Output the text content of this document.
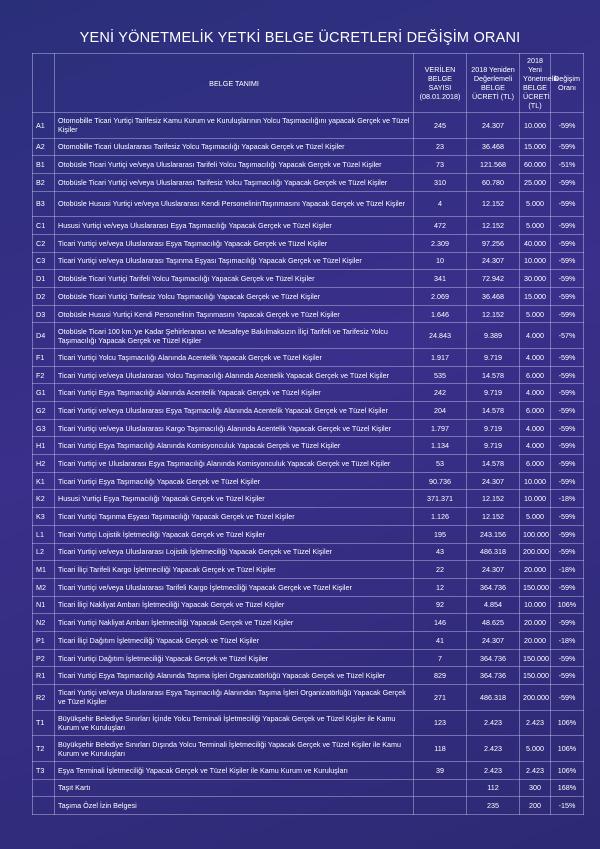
YENİ YÖNETMELİK YETKİ BELGE ÜCRETLERİ DEĞİŞİM ORANI
	BELGE TANIMI	VERİLEN BELGE SAYISI (08.01.2018)	2018 Yeniden Değerlemeli BELGE ÜCRETİ (TL)	2018 Yeni Yönetmelik BELGE ÜCRETİ (TL)	Değişim Oranı
A1	Otomobille Ticari Yurtiçi Tarifesiz Kamu Kurum ve Kuruluşlarının Yolcu Taşımacılığını yapacak Gerçek ve Tüzel Kişiler	245	24.307	10.000	-59%
A2	Otomobille Ticari Uluslararası Tarifesiz Yolcu Taşımacılığı Yapacak Gerçek ve Tüzel Kişiler	23	36.468	15.000	-59%
B1	Otobüsle Ticari Yurtiçi ve/veya Uluslararası Tarifeli Yolcu Taşımacılığı Yapacak Gerçek ve Tüzel Kişiler	73	121.568	60.000	-51%
B2	Otobüsle Ticari Yurtiçi ve/veya Uluslararası Tarifesiz Yolcu Taşımacılığı Yapacak Gerçek ve Tüzel Kişiler	310	60.780	25.000	-59%
B3	Otobüsle Hususi Yurtiçi ve/veya Uluslararası Kendi PersonelininTaşınmasını Yapacak Gerçek ve Tüzel Kişiler	4	12.152	5.000	-59%
C1	Hususi Yurtiçi ve/veya Uluslararası Eşya Taşımacılığı Yapacak Gerçek ve Tüzel Kişiler	472	12.152	5.000	-59%
C2	Ticari Yurtiçi ve/veya Uluslararası Eşya Taşımacılığı Yapacak Gerçek ve Tüzel Kişiler	2.309	97.256	40.000	-59%
C3	Ticari Yurtiçi ve/veya Uluslararası Taşınma Eşyası Taşımacılığı Yapacak Gerçek ve Tüzel Kişiler	10	24.307	10.000	-59%
D1	Otobüsle Ticari Yurtiçi Tarifeli Yolcu Taşımacılığı Yapacak Gerçek ve Tüzel Kişiler	341	72.942	30.000	-59%
D2	Otobüsle Ticari Yurtiçi Tarifesiz Yolcu Taşımacılığı Yapacak Gerçek ve Tüzel Kişiler	2.069	36.468	15.000	-59%
D3	Otobüsle Hususi Yurtiçi Kendi Personelinin Taşınmasını Yapacak Gerçek ve Tüzel Kişiler	1.646	12.152	5.000	-59%
D4	Otobüsle Ticari 100 km.'ye Kadar Şehirlerarası ve Mesafeye Bakılmaksızın İliçi Tarifeli ve Tarifesiz Yolcu Taşımacılığı Yapacak Gerçek ve Tüzel Kişiler	24.843	9.389	4.000	-57%
F1	Ticari Yurtiçi Yolcu Taşımacılığı Alanında Acentelik Yapacak Gerçek ve Tüzel Kişiler	1.917	9.719	4.000	-59%
F2	Ticari Yurtiçi ve/veya Uluslararası Yolcu Taşımacılığı Alanında Acentelik Yapacak Gerçek ve Tüzel Kişiler	535	14.578	6.000	-59%
G1	Ticari Yurtiçi Eşya Taşımacılığı Alanında Acentelik Yapacak Gerçek ve Tüzel Kişiler	242	9.719	4.000	-59%
G2	Ticari Yurtiçi ve/veya Uluslararası Eşya Taşımacılığı Alanında Acentelik Yapacak Gerçek ve Tüzel Kişiler	204	14.578	6.000	-59%
G3	Ticari Yurtiçi ve/veya Uluslararası Kargo Taşımacılığı Alanında Acentelik Yapacak Gerçek ve Tüzel Kişiler	1.797	9.719	4.000	-59%
H1	Ticari Yurtiçi Eşya Taşımacılığı Alanında Komisyonculuk Yapacak Gerçek ve Tüzel Kişiler	1.134	9.719	4.000	-59%
H2	Ticari Yurtiçi ve Uluslararası Eşya Taşımacılığı Alanında Komisyonculuk Yapacak Gerçek ve Tüzel Kişiler	53	14.578	6.000	-59%
K1	Ticari Yurtiçi Eşya Taşımacılığı Yapacak Gerçek ve Tüzel Kişiler	90.736	24.307	10.000	-59%
K2	Hususi Yurtiçi Eşya Taşımacılığı Yapacak Gerçek ve Tüzel Kişiler	371.371	12.152	10.000	-18%
K3	Ticari Yurtiçi Taşınma Eşyası Taşımacılığı Yapacak Gerçek ve Tüzel Kişiler	1.126	12.152	5.000	-59%
L1	Ticari Yurtiçi Lojistik İşletmeciliği Yapacak Gerçek ve Tüzel Kişiler	195	243.156	100.000	-59%
L2	Ticari Yurtiçi ve/veya Uluslararası Lojistik İşletmeciliği Yapacak Gerçek ve Tüzel Kişiler	43	486.318	200.000	-59%
M1	Ticari İliçi Tarifeli Kargo İşletmeciliği Yapacak Gerçek ve Tüzel Kişiler	22	24.307	20.000	-18%
M2	Ticari Yurtiçi ve/veya Uluslararası Tarifeli Kargo İşletmeciliği Yapacak Gerçek ve Tüzel Kişiler	12	364.736	150.000	-59%
N1	Ticari İliçi Nakliyat Ambarı İşletmeciliği Yapacak Gerçek ve Tüzel Kişiler	92	4.854	10.000	106%
N2	Ticari Yurtiçi Nakliyat Ambarı İşletmeciliği Yapacak Gerçek ve Tüzel Kişiler	146	48.625	20.000	-59%
P1	Ticari İliçi Dağıtım İşletmeciliği Yapacak Gerçek ve Tüzel Kişiler	41	24.307	20.000	-18%
P2	Ticari Yurtiçi Dağıtım İşletmeciliği Yapacak Gerçek ve Tüzel Kişiler	7	364.736	150.000	-59%
R1	Ticari Yurtiçi Eşya Taşımacılığı Alanında Taşıma İşleri Organizatörlüğü Yapacak Gerçek ve Tüzel Kişiler	829	364.736	150.000	-59%
R2	Ticari Yurtiçi ve/veya Uluslararası Eşya Taşımacılığı Alanından Taşıma İşleri Organizatörlüğü Yapacak Gerçek ve Tüzel Kişiler	271	486.318	200.000	-59%
T1	Büyükşehir Belediye Sınırları İçinde Yolcu Terminali İşletmeciliği Yapacak Gerçek ve Tüzel Kişiler ile Kamu Kurum ve Kuruluşları	123	2.423	2.423	106%
T2	Büyükşehir Belediye Sınırları Dışında Yolcu Terminali İşletmeciliği Yapacak Gerçek ve Tüzel Kişiler ile Kamu Kurum ve Kuruluşları	118	2.423	5.000	106%
T3	Eşya Terminali İşletmeciliği Yapacak Gerçek ve Tüzel Kişiler ile Kamu Kurum ve Kuruluşları	39	2.423	2.423	106%
	Taşıt Kartı		112	300	168%
	Taşıma Özel İzin Belgesi		235	200	-15%
